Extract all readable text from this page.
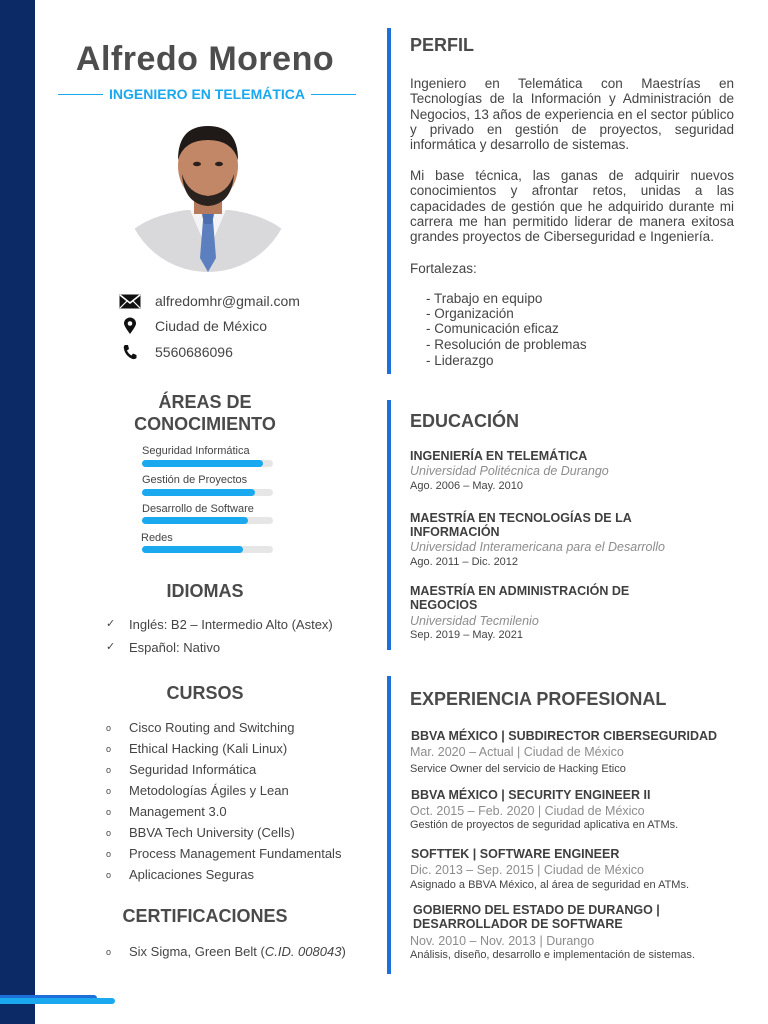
Alfredo Moreno
INGENIERO EN TELEMÁTICA
alfredomhr@gmail.com
Ciudad de México
5560686096
ÁREAS DE
CONOCIMIENTO
Seguridad Informática
Gestión de Proyectos
Desarrollo de Software
Redes
IDIOMAS
✓	Inglés: B2 – Intermedio Alto (Astex)
✓	Español: Nativo
CURSOS
o	Cisco Routing and Switching
o	Ethical Hacking (Kali Linux)
o	Seguridad Informática
o	Metodologías Ágiles y Lean
o	Management 3.0
o	BBVA Tech University (Cells)
o	Process Management Fundamentals
o	Aplicaciones Seguras
CERTIFICACIONES
o	Six Sigma, Green Belt (C.ID. 008043)
PERFIL
Ingeniero en Telemática con Maestrías en Tecnologías de la Información y Administración de Negocios, 13 años de experiencia en el sector público y privado en gestión de proyectos, seguridad informática y desarrollo de sistemas.
Mi base técnica, las ganas de adquirir nuevos conocimientos y afrontar retos, unidas a las capacidades de gestión que he adquirido durante mi carrera me han permitido liderar de manera exitosa grandes proyectos de Ciberseguridad e Ingeniería.
Fortalezas:
- Trabajo en equipo
- Organización
- Comunicación eficaz
- Resolución de problemas
- Liderazgo
EDUCACIÓN
INGENIERÍA EN TELEMÁTICA
Universidad Politécnica de Durango
Ago. 2006 – May. 2010
MAESTRÍA EN TECNOLOGÍAS DE LA INFORMACIÓN
Universidad Interamericana para el Desarrollo
Ago. 2011 – Dic. 2012
MAESTRÍA EN ADMINISTRACIÓN DE NEGOCIOS
Universidad Tecmilenio
Sep. 2019 – May. 2021
EXPERIENCIA PROFESIONAL
BBVA MÉXICO | SUBDIRECTOR CIBERSEGURIDAD
Mar. 2020 – Actual | Ciudad de México
Service Owner del servicio de Hacking Etico
BBVA MÉXICO | SECURITY ENGINEER II
Oct. 2015 – Feb. 2020 | Ciudad de México
Gestión de proyectos de seguridad aplicativa en ATMs.
SOFTTEK | SOFTWARE ENGINEER
Dic. 2013 – Sep. 2015 | Ciudad de México
Asignado a BBVA México, al área de seguridad en ATMs.
GOBIERNO DEL ESTADO DE DURANGO | DESARROLLADOR DE SOFTWARE
Nov. 2010 – Nov. 2013 | Durango
Análisis, diseño, desarrollo e implementación de sistemas.
